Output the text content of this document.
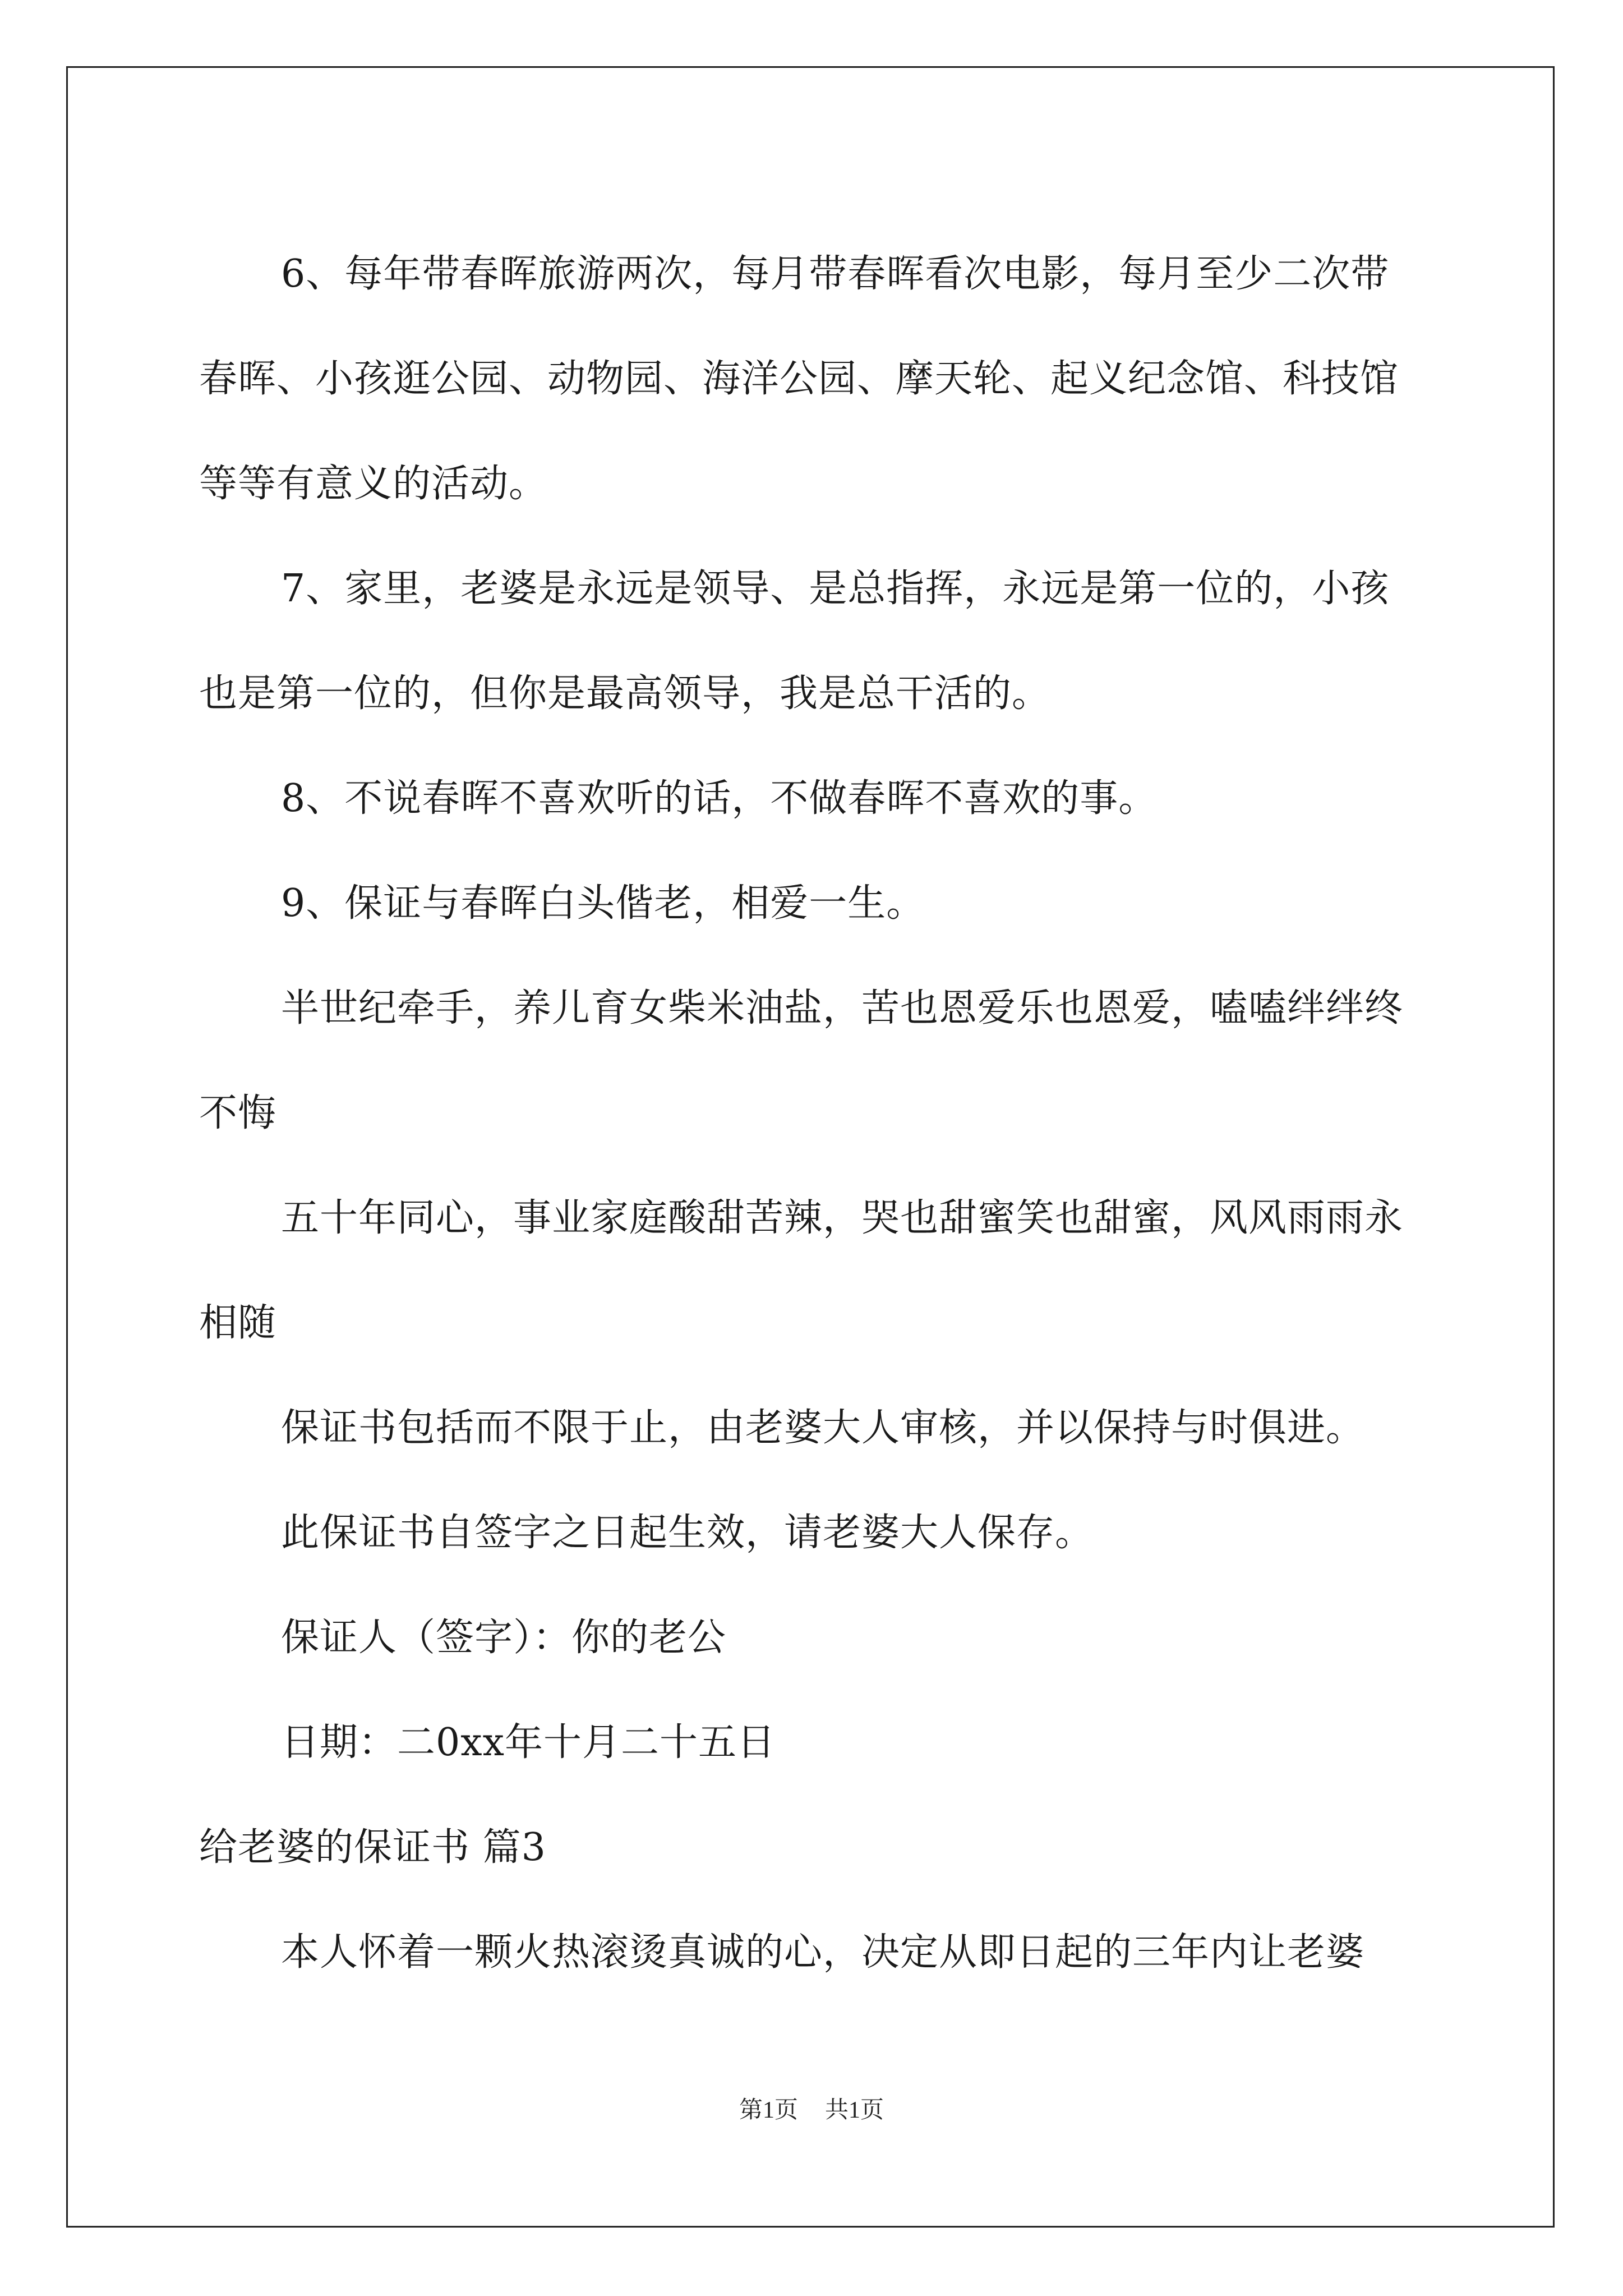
6、每年带春晖旅游两次，每月带春晖看次电影，每月至少二次带春晖、小孩逛公园、动物园、海洋公园、摩天轮、起义纪念馆、科技馆等等有意义的活动。

7、家里，老婆是永远是领导、是总指挥，永远是第一位的，小孩也是第一位的，但你是最高领导，我是总干活的。

8、不说春晖不喜欢听的话，不做春晖不喜欢的事。

9、保证与春晖白头偕老，相爱一生。

半世纪牵手，养儿育女柴米油盐，苦也恩爱乐也恩爱，嗑嗑绊绊终不悔

五十年同心，事业家庭酸甜苦辣，哭也甜蜜笑也甜蜜，风风雨雨永相随

保证书包括而不限于止，由老婆大人审核，并以保持与时俱进。

此保证书自签字之日起生效，请老婆大人保存。

保证人（签字）：你的老公

日期：二0xx年十月二十五日

给老婆的保证书 篇3

本人怀着一颗火热滚烫真诚的心，决定从即日起的三年内让老婆

第1页 共1页
